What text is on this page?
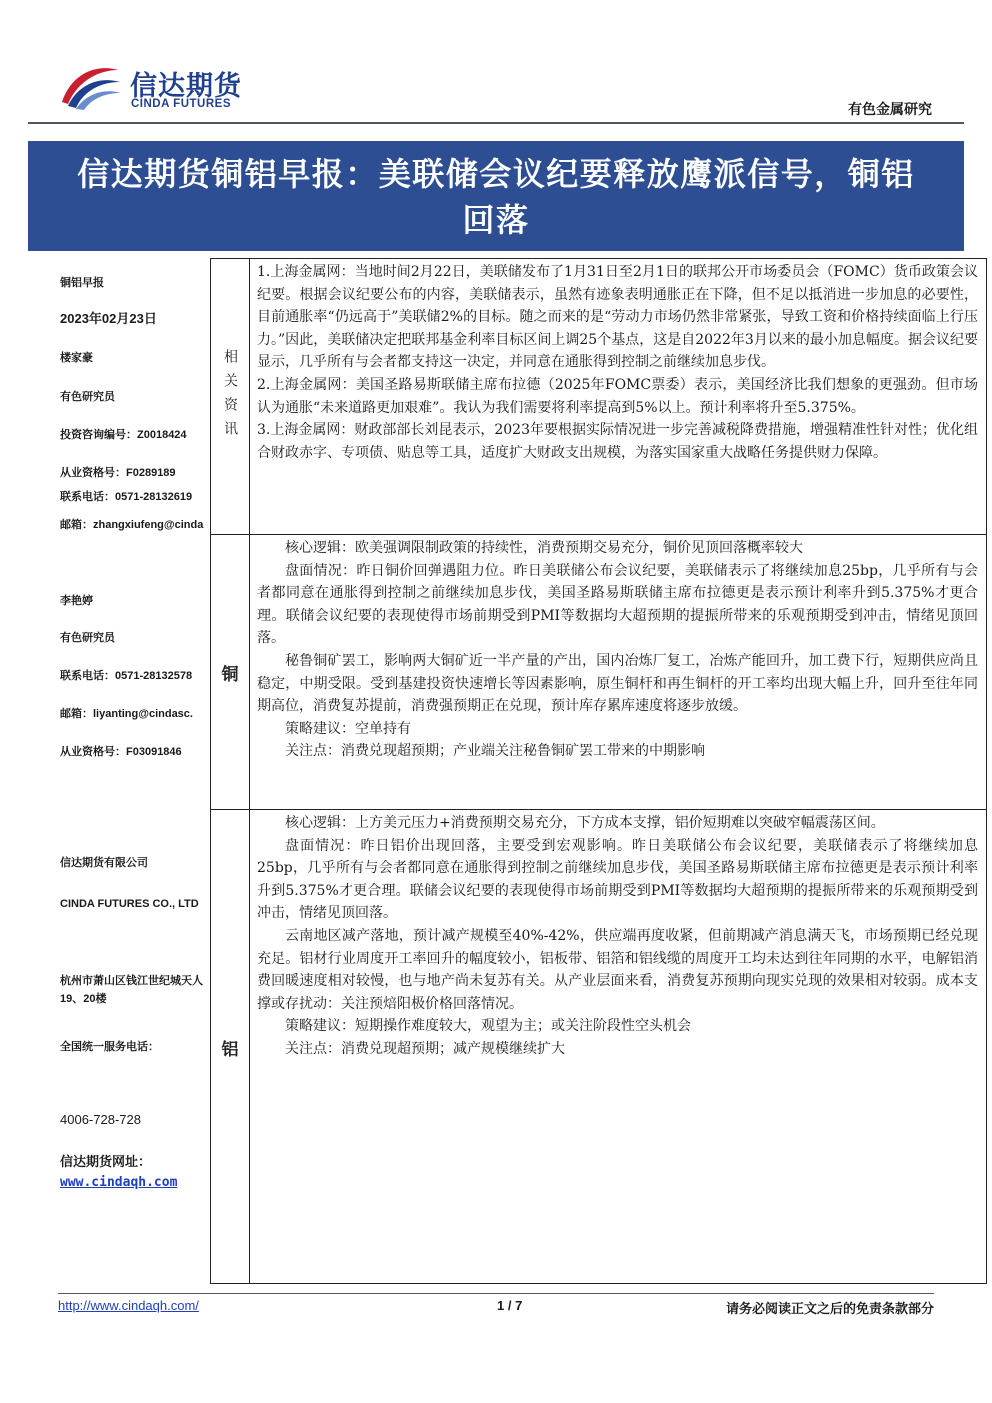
信达期货
CINDA FUTURES	有色金属研究
信达期货铜铝早报：美联储会议纪要释放鹰派信号，铜铝
回落
铜铝早报
2023年02月23日
楼家豪
有色研究员
投资咨询编号：Z0018424
从业资格号：F0289189
联系电话：0571-28132619
邮箱：zhangxiufeng@cinda
李艳婷
有色研究员
联系电话：0571-28132578
邮箱：liyanting@cindasc.
从业资格号：F03091846
信达期货有限公司
CINDA FUTURES CO., LTD
杭州市萧山区钱江世纪城天人19、20楼
全国统一服务电话：
4006-728-728
信达期货网址：
www.cindaqh.com
相关资讯

1.上海金属网：当地时间2月22日，美联储发布了1月31日至2月1日的联邦公开市场委员会（FOMC）货币政策会议纪要。根据会议纪要公布的内容，美联储表示，虽然有迹象表明通胀正在下降，但不足以抵消进一步加息的必要性，目前通胀率“仍远高于”美联储2%的目标。随之而来的是“劳动力市场仍然非常紧张，导致工资和价格持续面临上行压力。”因此，美联储决定把联邦基金利率目标区间上调25个基点，这是自2022年3月以来的最小加息幅度。据会议纪要显示，几乎所有与会者都支持这一决定，并同意在通胀得到控制之前继续加息步伐。

2.上海金属网：美国圣路易斯联储主席布拉德（2025年FOMC票委）表示，美国经济比我们想象的更强劲。但市场认为通胀“未来道路更加艰难”。我认为我们需要将利率提高到5%以上。预计利率将升至5.375%。

3.上海金属网：财政部部长刘昆表示，2023年要根据实际情况进一步完善减税降费措施，增强精准性针对性；优化组合财政赤字、专项债、贴息等工具，适度扩大财政支出规模，为落实国家重大战略任务提供财力保障。

铜

核心逻辑：欧美强调限制政策的持续性，消费预期交易充分，铜价见顶回落概率较大

盘面情况：昨日铜价回弹遇阻力位。昨日美联储公布会议纪要，美联储表示了将继续加息25bp，几乎所有与会者都同意在通胀得到控制之前继续加息步伐，美国圣路易斯联储主席布拉德更是表示预计利率升到5.375%才更合理。联储会议纪要的表现使得市场前期受到PMI等数据均大超预期的提振所带来的乐观预期受到冲击，情绪见顶回落。

秘鲁铜矿罢工，影响两大铜矿近一半产量的产出，国内冶炼厂复工，冶炼产能回升，加工费下行，短期供应尚且稳定，中期受限。受到基建投资快速增长等因素影响，原生铜杆和再生铜杆的开工率均出现大幅上升，回升至往年同期高位，消费复苏提前，消费强预期正在兑现，预计库存累库速度将逐步放缓。

策略建议：空单持有

关注点：消费兑现超预期；产业端关注秘鲁铜矿罢工带来的中期影响

铝

核心逻辑：上方美元压力+消费预期交易充分，下方成本支撑，铝价短期难以突破窄幅震荡区间。

盘面情况：昨日铝价出现回落，主要受到宏观影响。昨日美联储公布会议纪要，美联储表示了将继续加息25bp，几乎所有与会者都同意在通胀得到控制之前继续加息步伐，美国圣路易斯联储主席布拉德更是表示预计利率升到5.375%才更合理。联储会议纪要的表现使得市场前期受到PMI等数据均大超预期的提振所带来的乐观预期受到冲击，情绪见顶回落。

云南地区减产落地，预计减产规模至40%-42%，供应端再度收紧，但前期减产消息满天飞，市场预期已经兑现充足。铝材行业周度开工率回升的幅度较小，铝板带、铝箔和铝线缆的周度开工均未达到往年同期的水平，电解铝消费回暖速度相对较慢，也与地产尚未复苏有关。从产业层面来看，消费复苏预期向现实兑现的效果相对较弱。成本支撑或存扰动：关注预焙阳极价格回落情况。

策略建议：短期操作难度较大，观望为主；或关注阶段性空头机会

关注点：消费兑现超预期；减产规模继续扩大

http://www.cindaqh.com/	1 / 7	请务必阅读正文之后的免责条款部分
